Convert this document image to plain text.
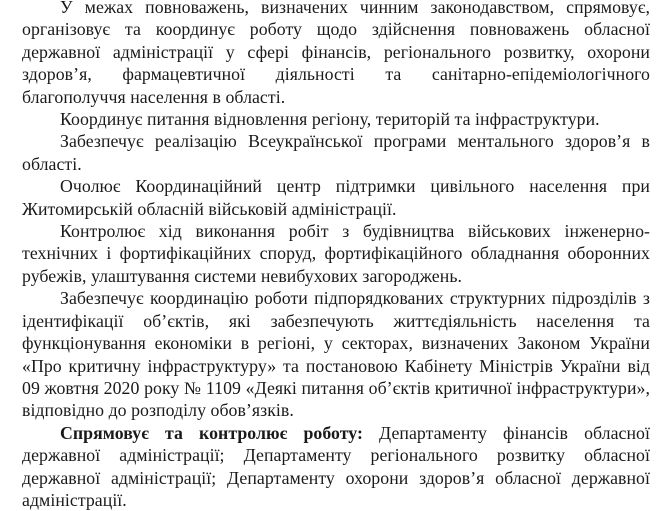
У межах повноважень, визначених чинним законодавством, спрямовує, організовує та координує роботу щодо здійснення повноважень обласної державної адміністрації у сфері фінансів, регіонального розвитку, охорони здоров’я, фармацевтичної діяльності та санітарно-епідеміологічного благополуччя населення в області.

Координує питання відновлення регіону, територій та інфраструктури.

Забезпечує реалізацію Всеукраїнської програми ментального здоров’я в області.

Очолює Координаційний центр підтримки цивільного населення при Житомирській обласній військовій адміністрації.

Контролює хід виконання робіт з будівництва військових інженерно-технічних і фортифікаційних споруд, фортифікаційного обладнання оборонних рубежів, улаштування системи невибухових загороджень.

Забезпечує координацію роботи підпорядкованих структурних підрозділів з ідентифікації об’єктів, які забезпечують життєдіяльність населення та функціонування економіки в регіоні, у секторах, визначених Законом України «Про критичну інфраструктуру» та постановою Кабінету Міністрів України від 09 жовтня 2020 року № 1109 «Деякі питання об’єктів критичної інфраструктури», відповідно до розподілу обов’язків.

Спрямовує та контролює роботу: Департаменту фінансів обласної державної адміністрації; Департаменту регіонального розвитку обласної державної адміністрації; Департаменту охорони здоров’я обласної державної адміністрації.
